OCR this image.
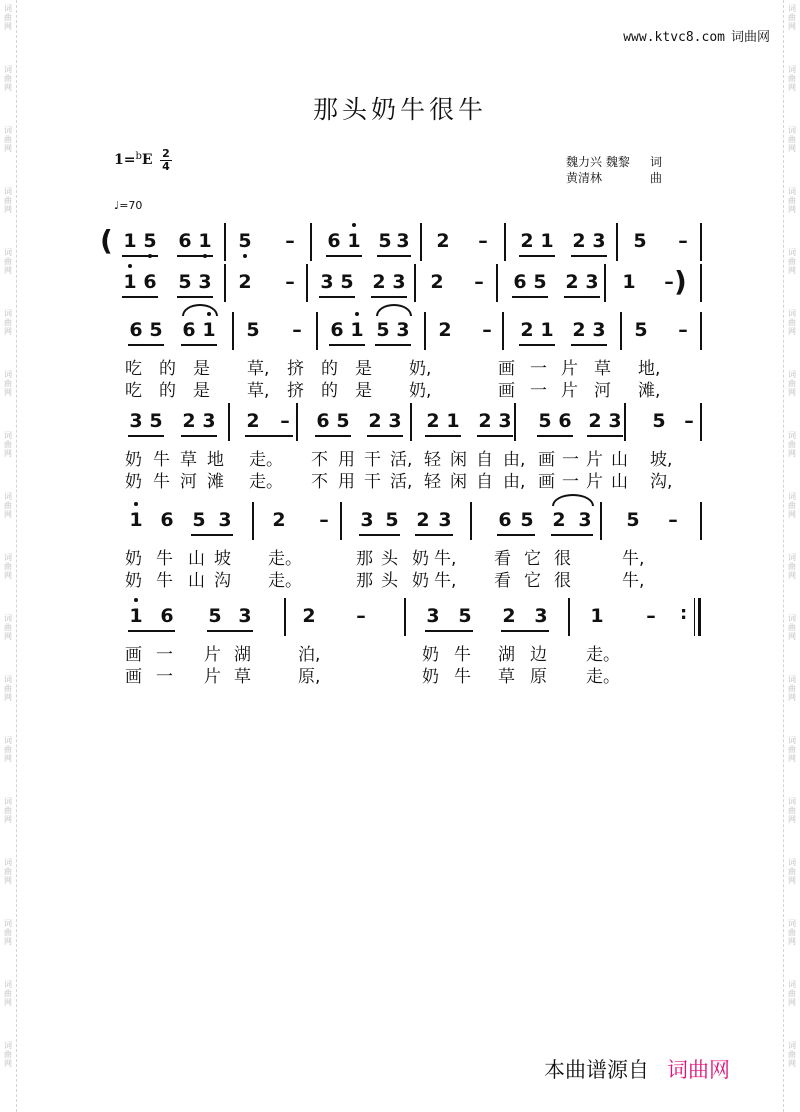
词
曲
网
词
曲
网
词
曲
网
词
曲
网
词
曲
网
词
曲
网
词
曲
网
词
曲
网
词
曲
网
词
曲
网
词
曲
网
词
曲
网
词
曲
网
词
曲
网
词
曲
网
词
曲
网
词
曲
网
词
曲
网
词
曲
网
词
曲
网
词
曲
网
词
曲
网
词
曲
网
词
曲
网
词
曲
网
词
曲
网
词
曲
网
词
曲
网
词
曲
网
词
曲
网
词
曲
网
词
曲
网
词
曲
网
词
曲
网
词
曲
网
词
曲
网
www.ktvc8.com 词曲网
那头奶牛很牛
$1=^bE \frac{2}{4}$	魏力兴 魏黎	词
黄清林	曲
♩=70
1 5 6 1 5 – 6 1 5 3 2 – 2 1 2 3 5 –
(
1 6 5 3 2 – 3 5 2 3 2 – 6 5 2 3 1 – )
6 5 6 1 5 – 6 1 5 3 2 – 2 1 2 3 5 –
吃 的 是 草,	挤 的 是 奶,	画 一 片 草 地,
吃 的 是 草,	挤 的 是 奶,	画 一 片 河 滩,
3 5 2 3 2 – 6 5 2 3 2 1 2 3 5 6 2 3 5 –
奶 牛 草 地 走。	不 用 干 活, 轻 闲 自 由, 画 一 片 山 坡,
奶 牛 河 滩 走。	不 用 干 活, 轻 闲 自 由, 画 一 片 山 沟,
1 6 5 3 2 – 3 5 2 3 6 5 2 3 5 –
奶 牛 山 坡 走。	那 头 奶 牛,	看 它 很	牛,
奶 牛 山 沟 走。	那 头 奶 牛,	看 它 很	牛,
1 6 5 3	2 –	3 5 2 3 1 – :
画 一 片 湖	泊,	奶 牛 湖 边 走。
画 一 片 草	原,	奶 牛 草 原 走。
本曲谱源自 词曲网
